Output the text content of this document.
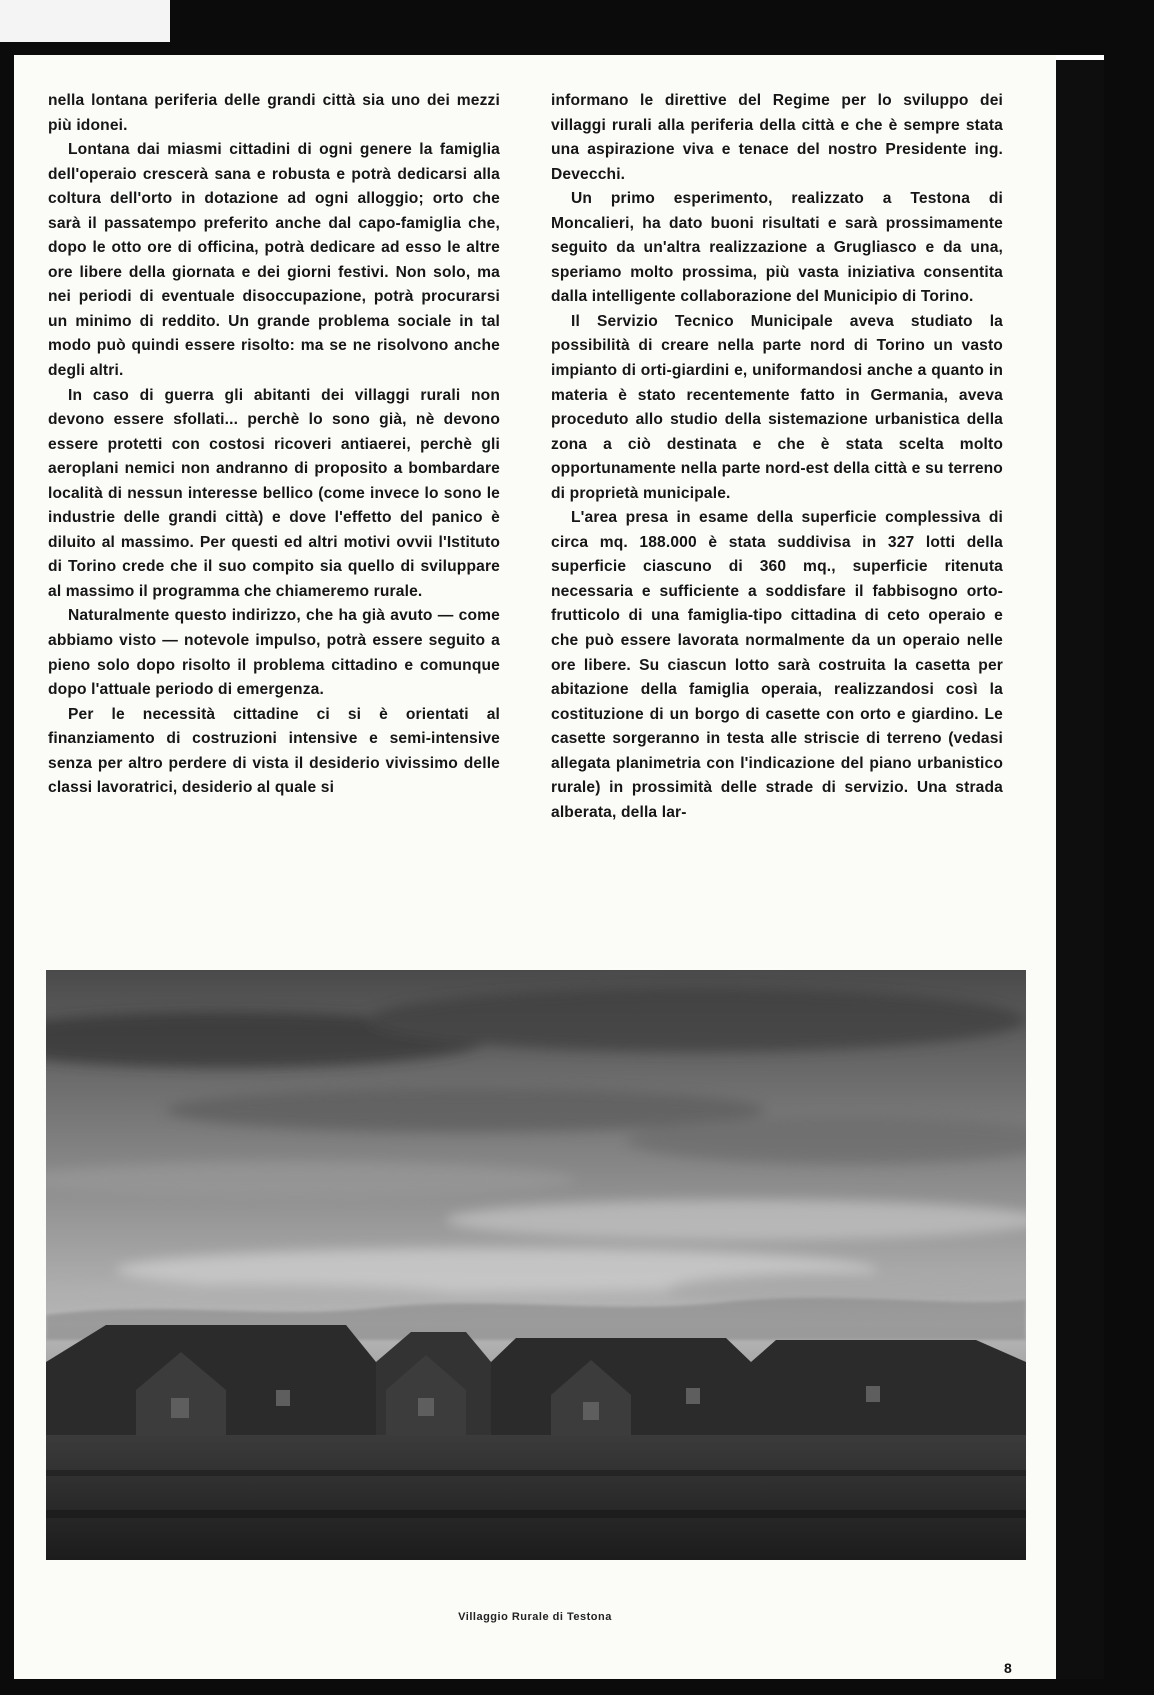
nella lontana periferia delle grandi città sia uno dei mezzi più idonei.

Lontana dai miasmi cittadini di ogni genere la famiglia dell'operaio crescerà sana e robusta e potrà dedicarsi alla coltura dell'orto in dotazione ad ogni alloggio; orto che sarà il passatempo preferito anche dal capo-famiglia che, dopo le otto ore di officina, potrà dedicare ad esso le altre ore libere della giornata e dei giorni festivi. Non solo, ma nei periodi di eventuale disoccupazione, potrà procurarsi un minimo di reddito. Un grande problema sociale in tal modo può quindi essere risolto: ma se ne risolvono anche degli altri.

In caso di guerra gli abitanti dei villaggi rurali non devono essere sfollati... perchè lo sono già, nè devono essere protetti con costosi ricoveri antiaerei, perchè gli aeroplani nemici non andranno di proposito a bombardare località di nessun interesse bellico (come invece lo sono le industrie delle grandi città) e dove l'effetto del panico è diluito al massimo. Per questi ed altri motivi ovvii l'Istituto di Torino crede che il suo compito sia quello di sviluppare al massimo il programma che chiameremo rurale.

Naturalmente questo indirizzo, che ha già avuto — come abbiamo visto — notevole impulso, potrà essere seguito a pieno solo dopo risolto il problema cittadino e comunque dopo l'attuale periodo di emergenza.

Per le necessità cittadine ci si è orientati al finanziamento di costruzioni intensive e semi-intensive senza per altro perdere di vista il desiderio vivissimo delle classi lavoratrici, desiderio al quale si

informano le direttive del Regime per lo sviluppo dei villaggi rurali alla periferia della città e che è sempre stata una aspirazione viva e tenace del nostro Presidente ing. Devecchi.

Un primo esperimento, realizzato a Testona di Moncalieri, ha dato buoni risultati e sarà prossimamente seguito da un'altra realizzazione a Grugliasco e da una, speriamo molto prossima, più vasta iniziativa consentita dalla intelligente collaborazione del Municipio di Torino.

Il Servizio Tecnico Municipale aveva studiato la possibilità di creare nella parte nord di Torino un vasto impianto di orti-giardini e, uniformandosi anche a quanto in materia è stato recentemente fatto in Germania, aveva proceduto allo studio della sistemazione urbanistica della zona a ciò destinata e che è stata scelta molto opportunamente nella parte nord-est della città e su terreno di proprietà municipale.

L'area presa in esame della superficie complessiva di circa mq. 188.000 è stata suddivisa in 327 lotti della superficie ciascuno di 360 mq., superficie ritenuta necessaria e sufficiente a soddisfare il fabbisogno orto-frutticolo di una famiglia-tipo cittadina di ceto operaio e che può essere lavorata normalmente da un operaio nelle ore libere. Su ciascun lotto sarà costruita la casetta per abitazione della famiglia operaia, realizzandosi così la costituzione di un borgo di casette con orto e giardino. Le casette sorgeranno in testa alle striscie di terreno (vedasi allegata planimetria con l'indicazione del piano urbanistico rurale) in prossimità delle strade di servizio. Una strada alberata, della lar-

Villaggio Rurale di Testona
8
